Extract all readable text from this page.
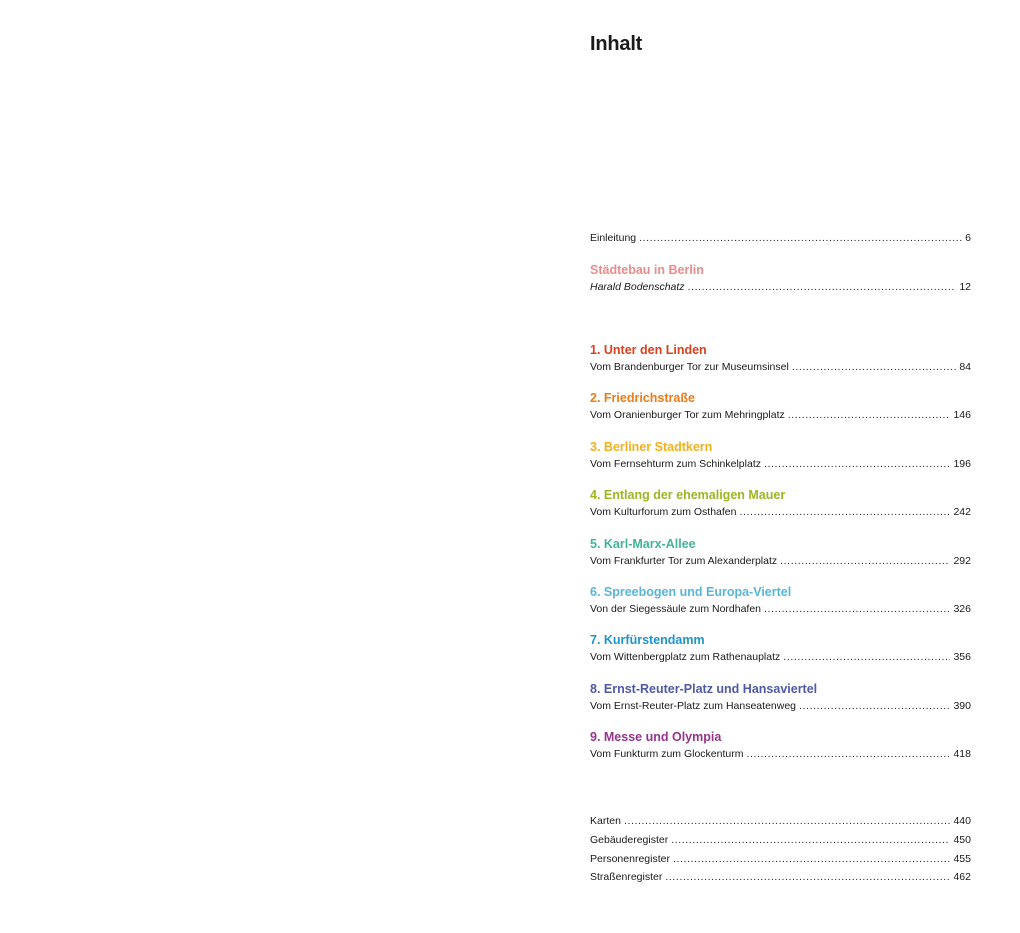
Inhalt
Einleitung .....	6
Städtebau in Berlin
Harald Bodenschatz .....	12
1. Unter den Linden
Vom Brandenburger Tor zur Museumsinsel .....	84
2. Friedrichstraße
Vom Oranienburger Tor zum Mehringplatz .....	146
3. Berliner Stadtkern
Vom Fernsehturm zum Schinkelplatz .....	196
4. Entlang der ehemaligen Mauer
Vom Kulturforum zum Osthafen .....	242
5. Karl-Marx-Allee
Vom Frankfurter Tor zum Alexanderplatz .....	292
6. Spreebogen und Europa-Viertel
Von der Siegessäule zum Nordhafen .....	326
7. Kurfürstendamm
Vom Wittenbergplatz zum Rathenauplatz .....	356
8. Ernst-Reuter-Platz und Hansaviertel
Vom Ernst-Reuter-Platz zum Hanseatenweg .....	390
9. Messe und Olympia
Vom Funkturm zum Glockenturm .....	418
Karten .....	440
Gebäuderegister .....	450
Personenregister .....	455
Straßenregister .....	462
